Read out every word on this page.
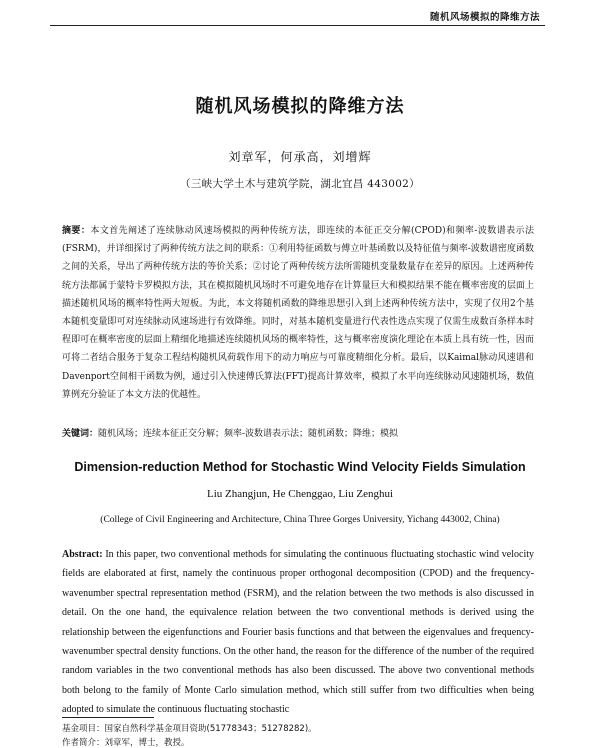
随机风场模拟的降维方法
随机风场模拟的降维方法
刘章军，何承高，刘增辉
（三峡大学土木与建筑学院，湖北宜昌 443002）

摘要：本文首先阐述了连续脉动风速场模拟的两种传统方法，即连续的本征正交分解(CPOD)和频率-波数谱表示法(FSRM)，并详细探讨了两种传统方法之间的联系：①利用特征函数与傅立叶基函数以及特征值与频率-波数谱密度函数之间的关系，导出了两种传统方法的等价关系；②讨论了两种传统方法所需随机变量数量存在差异的原因。上述两种传统方法都属于蒙特卡罗模拟方法，其在模拟随机风场时不可避免地存在计算量巨大和模拟结果不能在概率密度的层面上描述随机风场的概率特性两大短板。为此，本文将随机函数的降维思想引入到上述两种传统方法中，实现了仅用2个基本随机变量即可对连续脉动风速场进行有效降维。同时，对基本随机变量进行代表性选点实现了仅需生成数百条样本时程即可在概率密度的层面上精细化地描述连续随机风场的概率特性，这与概率密度演化理论在本质上具有统一性，因而可将二者结合服务于复杂工程结构随机风荷载作用下的动力响应与可靠度精细化分析。最后，以Kaimal脉动风速谱和Davenport空间相干函数为例，通过引入快速傅氏算法(FFT)提高计算效率，模拟了水平向连续脉动风速随机场，数值算例充分验证了本文方法的优越性。

关键词：随机风场；连续本征正交分解；频率-波数谱表示法；随机函数；降维；模拟

Dimension-reduction Method for Stochastic Wind Velocity Fields Simulation
Liu Zhangjun, He Chenggao, Liu Zenghui
(College of Civil Engineering and Architecture, China Three Gorges University, Yichang 443002, China)

Abstract: In this paper, two conventional methods for simulating the continuous fluctuating stochastic wind velocity fields are elaborated at first, namely the continuous proper orthogonal decomposition (CPOD) and the frequency-wavenumber spectral representation method (FSRM), and the relation between the two methods is also discussed in detail. On the one hand, the equivalence relation between the two conventional methods is derived using the relationship between the eigenfunctions and Fourier basis functions and that between the eigenvalues and frequency-wavenumber spectral density functions. On the other hand, the reason for the difference of the number of the required random variables in the two conventional methods has also been discussed. The above two conventional methods both belong to the family of Monte Carlo simulation method, which still suffer from two difficulties when being adopted to simulate the continuous fluctuating stochastic

基金项目：国家自然科学基金项目资助(51778343；51278282)。
作者简介：刘章军，博士，教授。
